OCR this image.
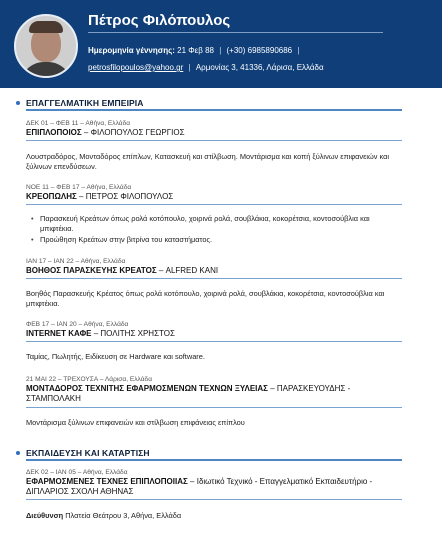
Πέτρος Φιλόπουλος
Ημερομηνία γέννησης: 21 Φεβ 88 | (+30) 6985890686 |
petrosfilopoulos@yahoo.gr | Αρμονίας 3, 41336, Λάρισα, Ελλάδα
ΕΠΑΓΓΕΛΜΑΤΙΚΗ ΕΜΠΕΙΡΙΑ
ΔΕΚ 01 – ΦΕΒ 11 – Αθήνα, Ελλάδα
ΕΠΙΠΛΟΠΟΙΟΣ – ΦΙΛΟΠΟΥΛΟΣ ΓΕΩΡΓΙΟΣ
Λουστραδόρος, Μονταδόρος επίπλων, Κατασκευή και στίλβωση. Μοντάρισμα και κοπή ξύλινων επιφανειών και ξύλινων επενδύσεων.
ΝΟΕ 11 – ΦΕΒ 17 – Αθήνα, Ελλάδα
ΚΡΕΟΠΩΛΗΣ – ΠΕΤΡΟΣ ΦΙΛΟΠΟΥΛΟΣ
• Παρασκευή Κρεάτων όπως ρολά κοτόπουλο, χοιρινά ρολά, σουβλάκια, κοκορέτσια, κοντοσούβλια και μπιφτέκια.
• Προώθηση Κρεάτων στην βιτρίνα του καταστήματος.
ΙΑΝ 17 – ΙΑΝ 22 – Αθήνα, Ελλάδα
ΒΟΗΘΟΣ ΠΑΡΑΣΚΕΥΗΣ ΚΡΕΑΤΟΣ – ALFRED KANI
Βοηθός Παρασκευής Κρέατος όπως ρολά κοτόπουλο, χοιρινά ρολά, σουβλάκια, κοκορέτσια, κοντοσούβλια και μπιφτέκια.
ΦΕΒ 17 – ΙΑΝ 20 – Αθήνα, Ελλάδα
INTERNET ΚΑΦΕ – ΠΟΛΙΤΗΣ ΧΡΗΣΤΟΣ
Ταμίας, Πωλητής, Ειδίκευση σε Hardware και software.
21 ΜΑΙ 22 – ΤΡΕΧΟΥΣΑ – Λάρισα, Ελλάδα
ΜΟΝΤΑΔΟΡΟΣ ΤΕΧΝΙΤΗΣ ΕΦΑΡΜΟΣΜΕΝΩΝ ΤΕΧΝΩΝ ΞΥΛΕΙΑΣ – ΠΑΡΑΣΚΕΥΟΥΔΗΣ - ΣΤΑΜΠΟΛΑΚΗ
Μοντάρισμα ξύλινων επιφανειών και στίλβωση επιφάνειας επίπλου
ΕΚΠΑΙΔΕΥΣΗ ΚΑΙ ΚΑΤΑΡΤΙΣΗ
ΔΕΚ 02 – ΙΑΝ 05 – Αθήνα, Ελλάδα
ΕΦΑΡΜΟΣΜΕΝΕΣ ΤΕΧΝΕΣ ΕΠΙΠΛΟΠΟΙΙΑΣ – Ιδιωτικό Τεχνικό - Επαγγελματικό Εκπαιδευτήριο - ΔΙΠΛΑΡΙΟΣ ΣΧΟΛΗ ΑΘΗΝΑΣ
Διεύθυνση Πλατεία Θεάτρου 3, Αθήνα, Ελλάδα
